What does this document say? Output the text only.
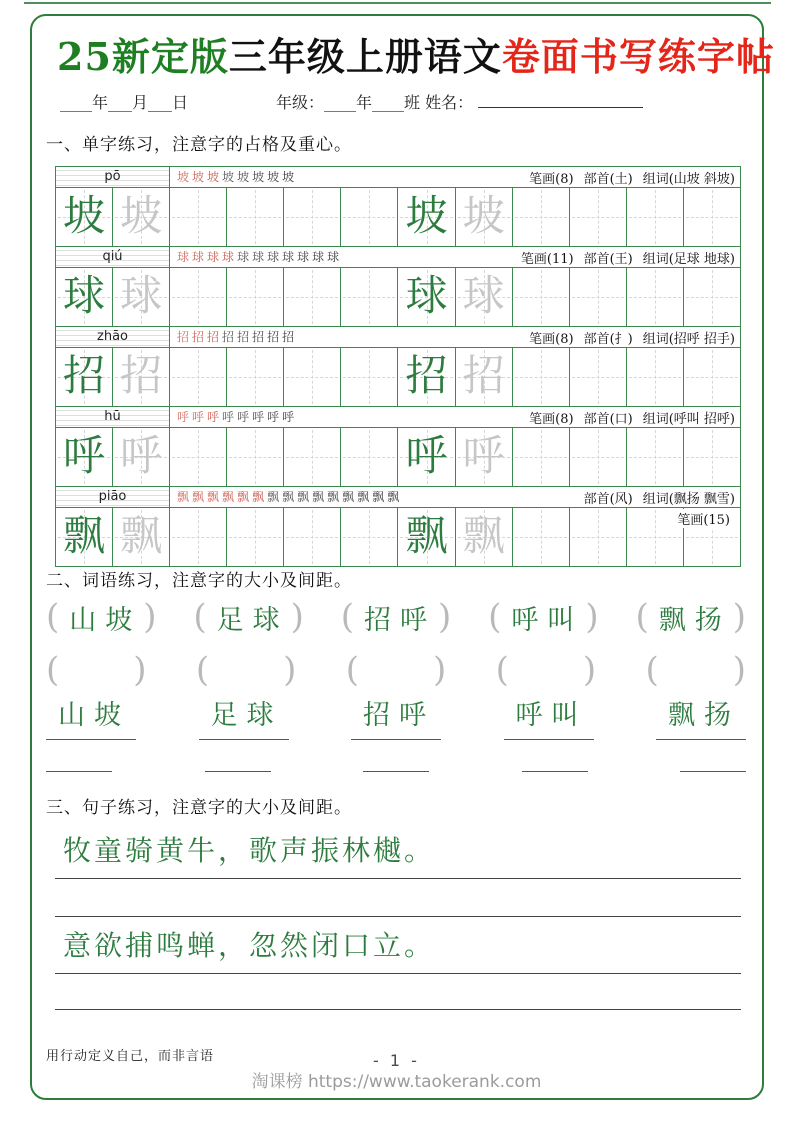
25新定版三年级上册语文卷面书写练字帖
____年___月___日	年级：____年____班 姓名：
一、单字练习，注意字的占格及重心。
pō	坡 坡 坡 坡 坡 坡 坡 坡	笔画(8) 部首(土) 组词(山坡 斜坡)
坡 坡	坡 坡
qiú	球 球 球 球 球 球 球 球 球 球 球	笔画(11) 部首(王) 组词(足球 地球)
球 球	球 球
zhāo	招 招 招 招 招 招 招 招	笔画(8) 部首(扌) 组词(招呼 招手)
招 招	招 招
hū	呼 呼 呼 呼 呼 呼 呼 呼	笔画(8) 部首(口) 组词(呼叫 招呼)
呼 呼	呼 呼
piāo	飘 飘 飘 飘 飘 飘 飘 飘 飘 飘 飘 飘 飘 飘 飘	部首(风) 组词(飘扬 飘雪)
笔画(15)
飘 飘	飘 飘
二、词语练习，注意字的大小及间距。
( 山坡 ) ( 足球 ) ( 招呼 ) ( 呼叫 ) ( 飘扬 )
( ) ( ) ( ) ( ) ( )
山坡	足球	招呼	呼叫	飘扬
三、句子练习，注意字的大小及间距。
牧童骑黄牛，歌声振林樾。
意欲捕鸣蝉，忽然闭口立。
用行动定义自己，而非言语	- 1 -
淘课榜 https://www.taokerank.com
